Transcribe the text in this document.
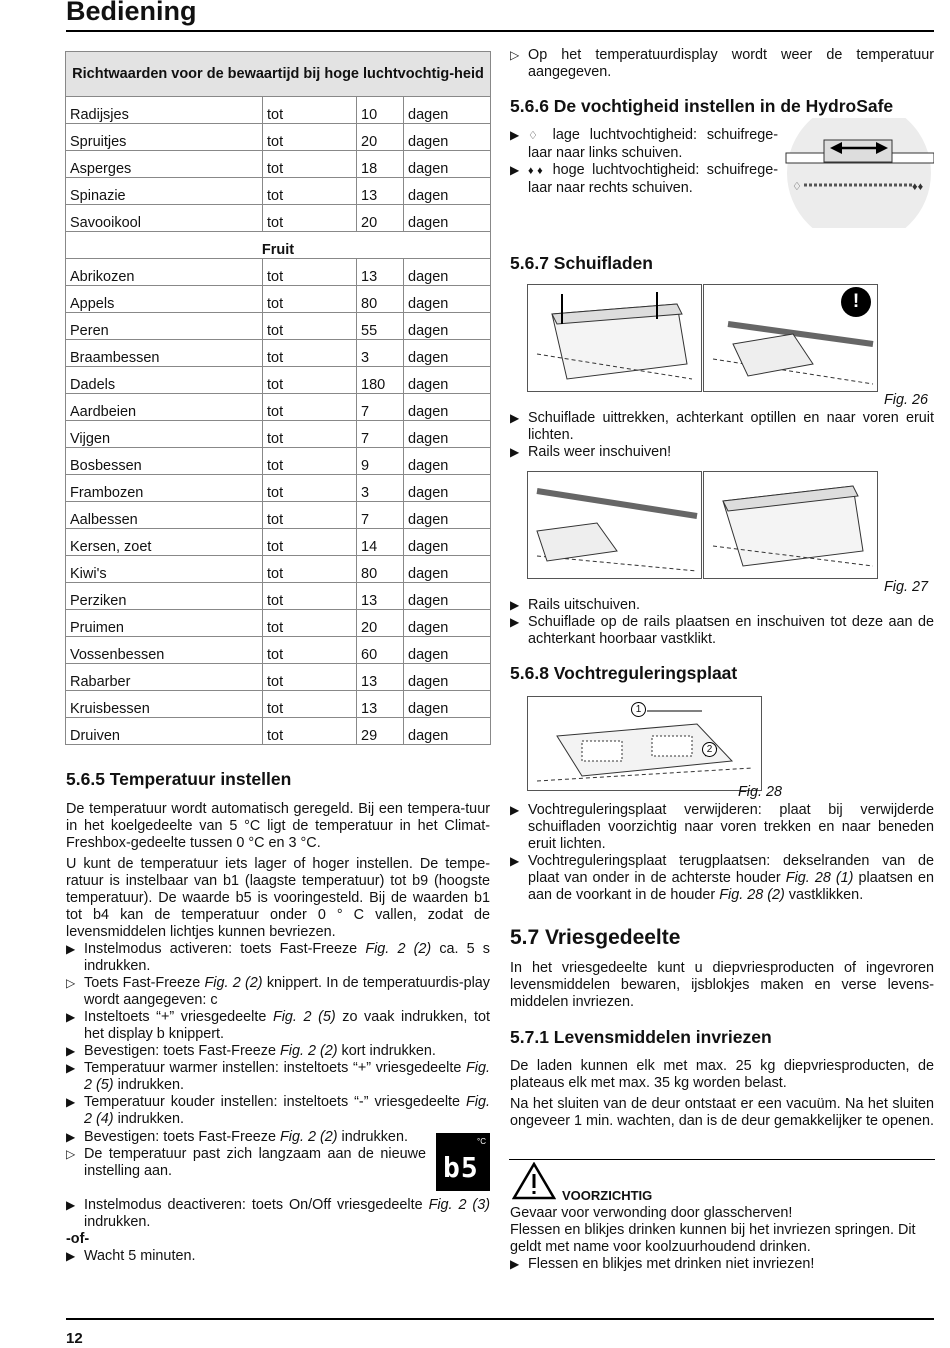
Bediening
Richtwaarden voor de bewaartijd bij hoge luchtvochtig-heid			
Radijsjes	tot	10	dagen
Spruitjes	tot	20	dagen
Asperges	tot	18	dagen
Spinazie	tot	13	dagen
Savooikool	tot	20	dagen
Fruit			
Abrikozen	tot	13	dagen
Appels	tot	80	dagen
Peren	tot	55	dagen
Braambessen	tot	3	dagen
Dadels	tot	180	dagen
Aardbeien	tot	7	dagen
Vijgen	tot	7	dagen
Bosbessen	tot	9	dagen
Frambozen	tot	3	dagen
Aalbessen	tot	7	dagen
Kersen, zoet	tot	14	dagen
Kiwi's	tot	80	dagen
Perziken	tot	13	dagen
Pruimen	tot	20	dagen
Vossenbessen	tot	60	dagen
Rabarber	tot	13	dagen
Kruisbessen	tot	13	dagen
Druiven	tot	29	dagen
5.6.5 Temperatuur instellen

De temperatuur wordt automatisch geregeld. Bij een tempera-tuur in het koelgedeelte van 5 °C ligt de temperatuur in het Climat-Freshbox-gedeelte tussen 0 °C en 3 °C.

U kunt de temperatuur iets lager of hoger instellen. De tempe-ratuur is instelbaar van b1 (laagste temperatuur) tot b9 (hoogste temperatuur). De waarde b5 is vooringesteld. Bij de waarden b1 tot b4 kan de temperatuur onder 0 ° C vallen, zodat de levensmiddelen lichtjes kunnen bevriezen.

▶ Instelmodus activeren: toets Fast-Freeze Fig. 2 (2) ca. 5 s indrukken.
▷ Toets Fast-Freeze Fig. 2 (2) knippert. In de temperatuurdis-play wordt aangegeven: c
▶ Insteltoets “+” vriesgedeelte Fig. 2 (5) zo vaak indrukken, tot het display b knippert.
▶ Bevestigen: toets Fast-Freeze Fig. 2 (2) kort indrukken.
▶ Temperatuur warmer instellen: insteltoets “+” vriesgedeelte Fig. 2 (5) indrukken.
▶ Temperatuur kouder instellen: insteltoets “-” vriesgedeelte Fig. 2 (4) indrukken.
▶ Bevestigen: toets Fast-Freeze Fig. 2 (2) indrukken.
▷ De temperatuur past zich langzaam aan de nieuwe instelling aan.
▶ Instelmodus deactiveren: toets On/Off vriesgedeelte Fig. 2 (3) indrukken.
-of-
▶ Wacht 5 minuten.
°C
b5
▷ Op het temperatuurdisplay wordt weer de temperatuur aangegeven.
5.6.6 De vochtigheid instellen in de HydroSafe
▶ ♢ lage luchtvochtigheid: schuifrege-laar naar links schuiven.
▶ ♦♦ hoge luchtvochtigheid: schuifrege-laar naar rechts schuiven.	♢	♦♦
5.6.7 Schuifladen
!
Fig. 26
▶ Schuiflade uittrekken, achterkant optillen en naar voren eruit lichten.
▶ Rails weer inschuiven!
Fig. 27
▶ Rails uitschuiven.
▶ Schuiflade op de rails plaatsen en inschuiven tot deze aan de achterkant hoorbaar vastklikt.
5.6.8 Vochtreguleringsplaat
1
2
Fig. 28
▶ Vochtreguleringsplaat verwijderen: plaat bij verwijderde schuifladen voorzichtig naar voren trekken en naar beneden eruit lichten.
▶ Vochtreguleringsplaat terugplaatsen: dekselranden van de plaat van onder in de achterste houder Fig. 28 (1) plaatsen en aan de voorkant in de houder Fig. 28 (2) vastklikken.
5.7 Vriesgedeelte

In het vriesgedeelte kunt u diepvriesproducten of ingevroren levensmiddelen bewaren, ijsblokjes maken en verse levens-middelen invriezen.

5.7.1 Levensmiddelen invriezen

De laden kunnen elk met max. 25 kg diepvriesproducten, de plateaus elk met max. 35 kg worden belast.

Na het sluiten van de deur ontstaat er een vacuüm. Na het sluiten ongeveer 1 min. wachten, dan is de deur gemakkelijker te openen.

VOORZICHTIG
Gevaar voor verwonding door glasscherven!
Flessen en blikjes drinken kunnen bij het invriezen springen. Dit geldt met name voor koolzuurhoudend drinken.
▶ Flessen en blikjes met drinken niet invriezen!
12
